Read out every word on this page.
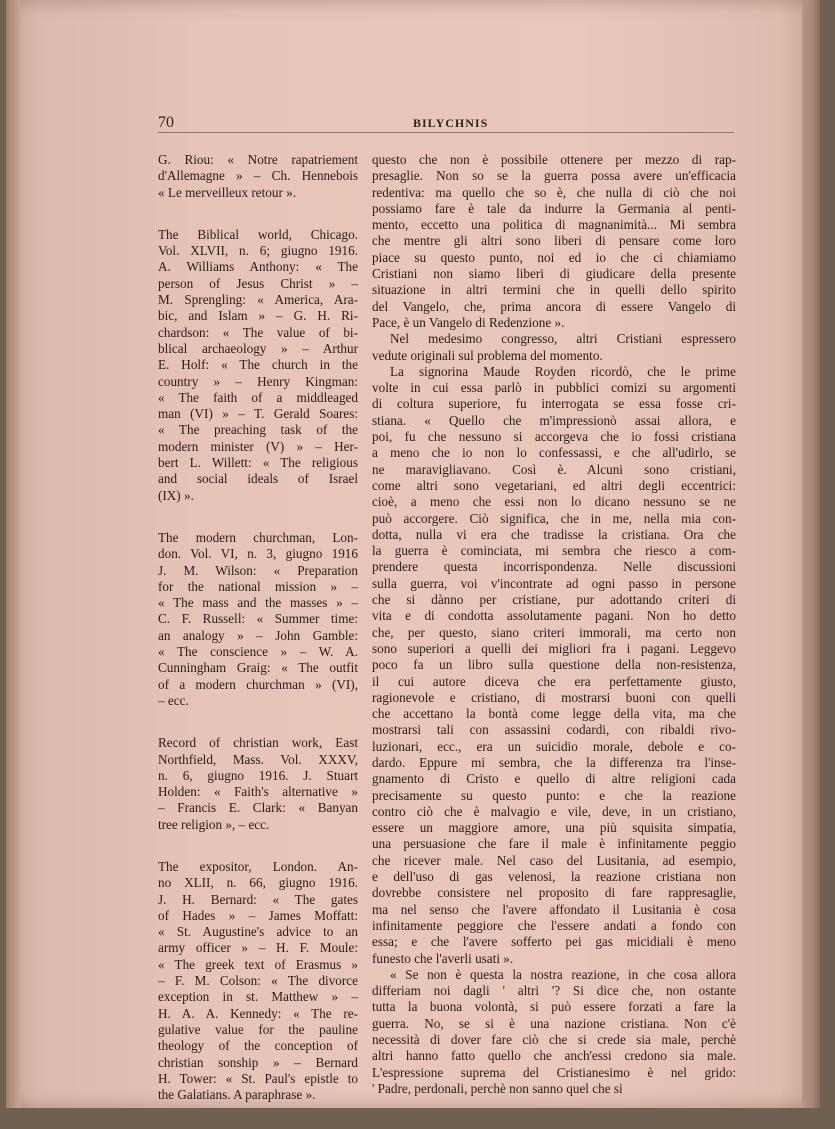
70	BILYCHNIS
G. Riou: « Notre rapatriement
d'Allemagne » – Ch. Hennebois
« Le merveilleux retour ».
The Biblical world, Chicago.
Vol. XLVII, n. 6; giugno 1916.
A. Williams Anthony: « The
person of Jesus Christ » –
M. Sprengling: « America, Ara-
bic, and Islam » – G. H. Ri-
chardson: « The value of bi-
blical archaeology » – Arthur
E. Holf: « The church in the
country » – Henry Kingman:
« The faith of a middleaged
man (VI) » – T. Gerald Soares:
« The preaching task of the
modern minister (V) » – Her-
bert L. Willett: « The religious
and social ideals of Israel
(IX) ».
The modern churchman, Lon-
don. Vol. VI, n. 3, giugno 1916
J. M. Wilson: « Preparation
for the national mission » –
« The mass and the masses » –
C. F. Russell: « Summer time:
an analogy » – John Gamble:
« The conscience » – W. A.
Cunningham Graig: « The outfit
of a modern churchman » (VI),
– ecc.
Record of christian work, East
Northfield, Mass. Vol. XXXV,
n. 6, giugno 1916. J. Stuart
Holden: « Faith's alternative »
– Francis E. Clark: « Banyan
tree religion », – ecc.
The expositor, London. An-
no XLII, n. 66, giugno 1916.
J. H. Bernard: « The gates
of Hades » – James Moffatt:
« St. Augustine's advice to an
army officer » – H. F. Moule:
« The greek text of Erasmus »
– F. M. Colson: « The divorce
exception in st. Matthew » –
H. A. A. Kennedy: « The re-
gulative value for the pauline
theology of the conception of
christian sonship » – Bernard
H. Tower: « St. Paul's epistle to
the Galatians. A paraphrase ».

questo che non è possibile ottenere per mezzo di rap-
presaglie. Non so se la guerra possa avere un'efficacia
redentiva: ma quello che so è, che nulla di ciò che noi
possiamo fare è tale da indurre la Germania al penti-
mento, eccetto una politica di magnanimità... Mi sembra
che mentre gli altri sono liberi di pensare come loro
piace su questo punto, noi ed io che ci chiamiamo
Cristiani non siamo liberi di giudicare della presente
situazione in altri termini che in quelli dello spirito
del Vangelo, che, prima ancora di essere Vangelo di
Pace, è un Vangelo di Redenzione ».

Nel medesimo congresso, altri Cristiani espressero
vedute originali sul problema del momento.

La signorina Maude Royden ricordò, che le prime
volte in cui essa parlò in pubblici comizi su argomenti
di coltura superiore, fu interrogata se essa fosse cri-
stiana. « Quello che m'impressionò assai allora, e
poi, fu che nessuno si accorgeva che io fossi cristiana
a meno che io non lo confessassi, e che all'udirlo, se
ne maravigliavano. Così è. Alcuni sono cristiani,
come altri sono vegetariani, ed altri degli eccentrici:
cioè, a meno che essi non lo dicano nessuno se ne
può accorgere. Ciò significa, che in me, nella mia con-
dotta, nulla vi era che tradisse la cristiana. Ora che
la guerra è cominciata, mi sembra che riesco a com-
prendere questa incorrispondenza. Nelle discussioni
sulla guerra, voi v'incontrate ad ogni passo in persone
che si dànno per cristiane, pur adottando criteri di
vita e di condotta assolutamente pagani. Non ho detto
che, per questo, siano criteri immorali, ma certo non
sono superiori a quelli dei migliori fra i pagani. Leggevo
poco fa un libro sulla questione della non-resistenza,
il cui autore diceva che era perfettamente giusto,
ragionevole e cristiano, di mostrarsi buoni con quelli
che accettano la bontà come legge della vita, ma che
mostrarsi tali con assassini codardi, con ribaldi rivo-
luzionari, ecc., era un suicidio morale, debole e co-
dardo. Eppure mi sembra, che la differenza tra l'inse-
gnamento di Cristo e quello di altre religioni cada
precisamente su questo punto: e che la reazione
contro ciò che è malvagio e vile, deve, in un cristiano,
essere un maggiore amore, una più squisita simpatia,
una persuasione che fare il male è infinitamente peggio
che ricever male. Nel caso del Lusitania, ad esempio,
e dell'uso di gas velenosi, la reazione cristiana non
dovrebbe consistere nel proposito di fare rappresaglie,
ma nel senso che l'avere affondato il Lusitania è cosa
infinitamente peggiore che l'essere andati a fondo con
essa; e che l'avere sofferto pei gas micidiali è meno
funesto che l'averli usati ».

« Se non è questa la nostra reazione, in che cosa allora
differiam noi dagli ' altri '? Si dice che, non ostante
tutta la buona volontà, si può essere forzati a fare la
guerra. No, se si è una nazione cristiana. Non c'è
necessità di dover fare ciò che si crede sia male, perchè
altri hanno fatto quello che anch'essi credono sia male.
L'espressione suprema del Cristianesimo è nel grido:
' Padre, perdonali, perchè non sanno quel che si
